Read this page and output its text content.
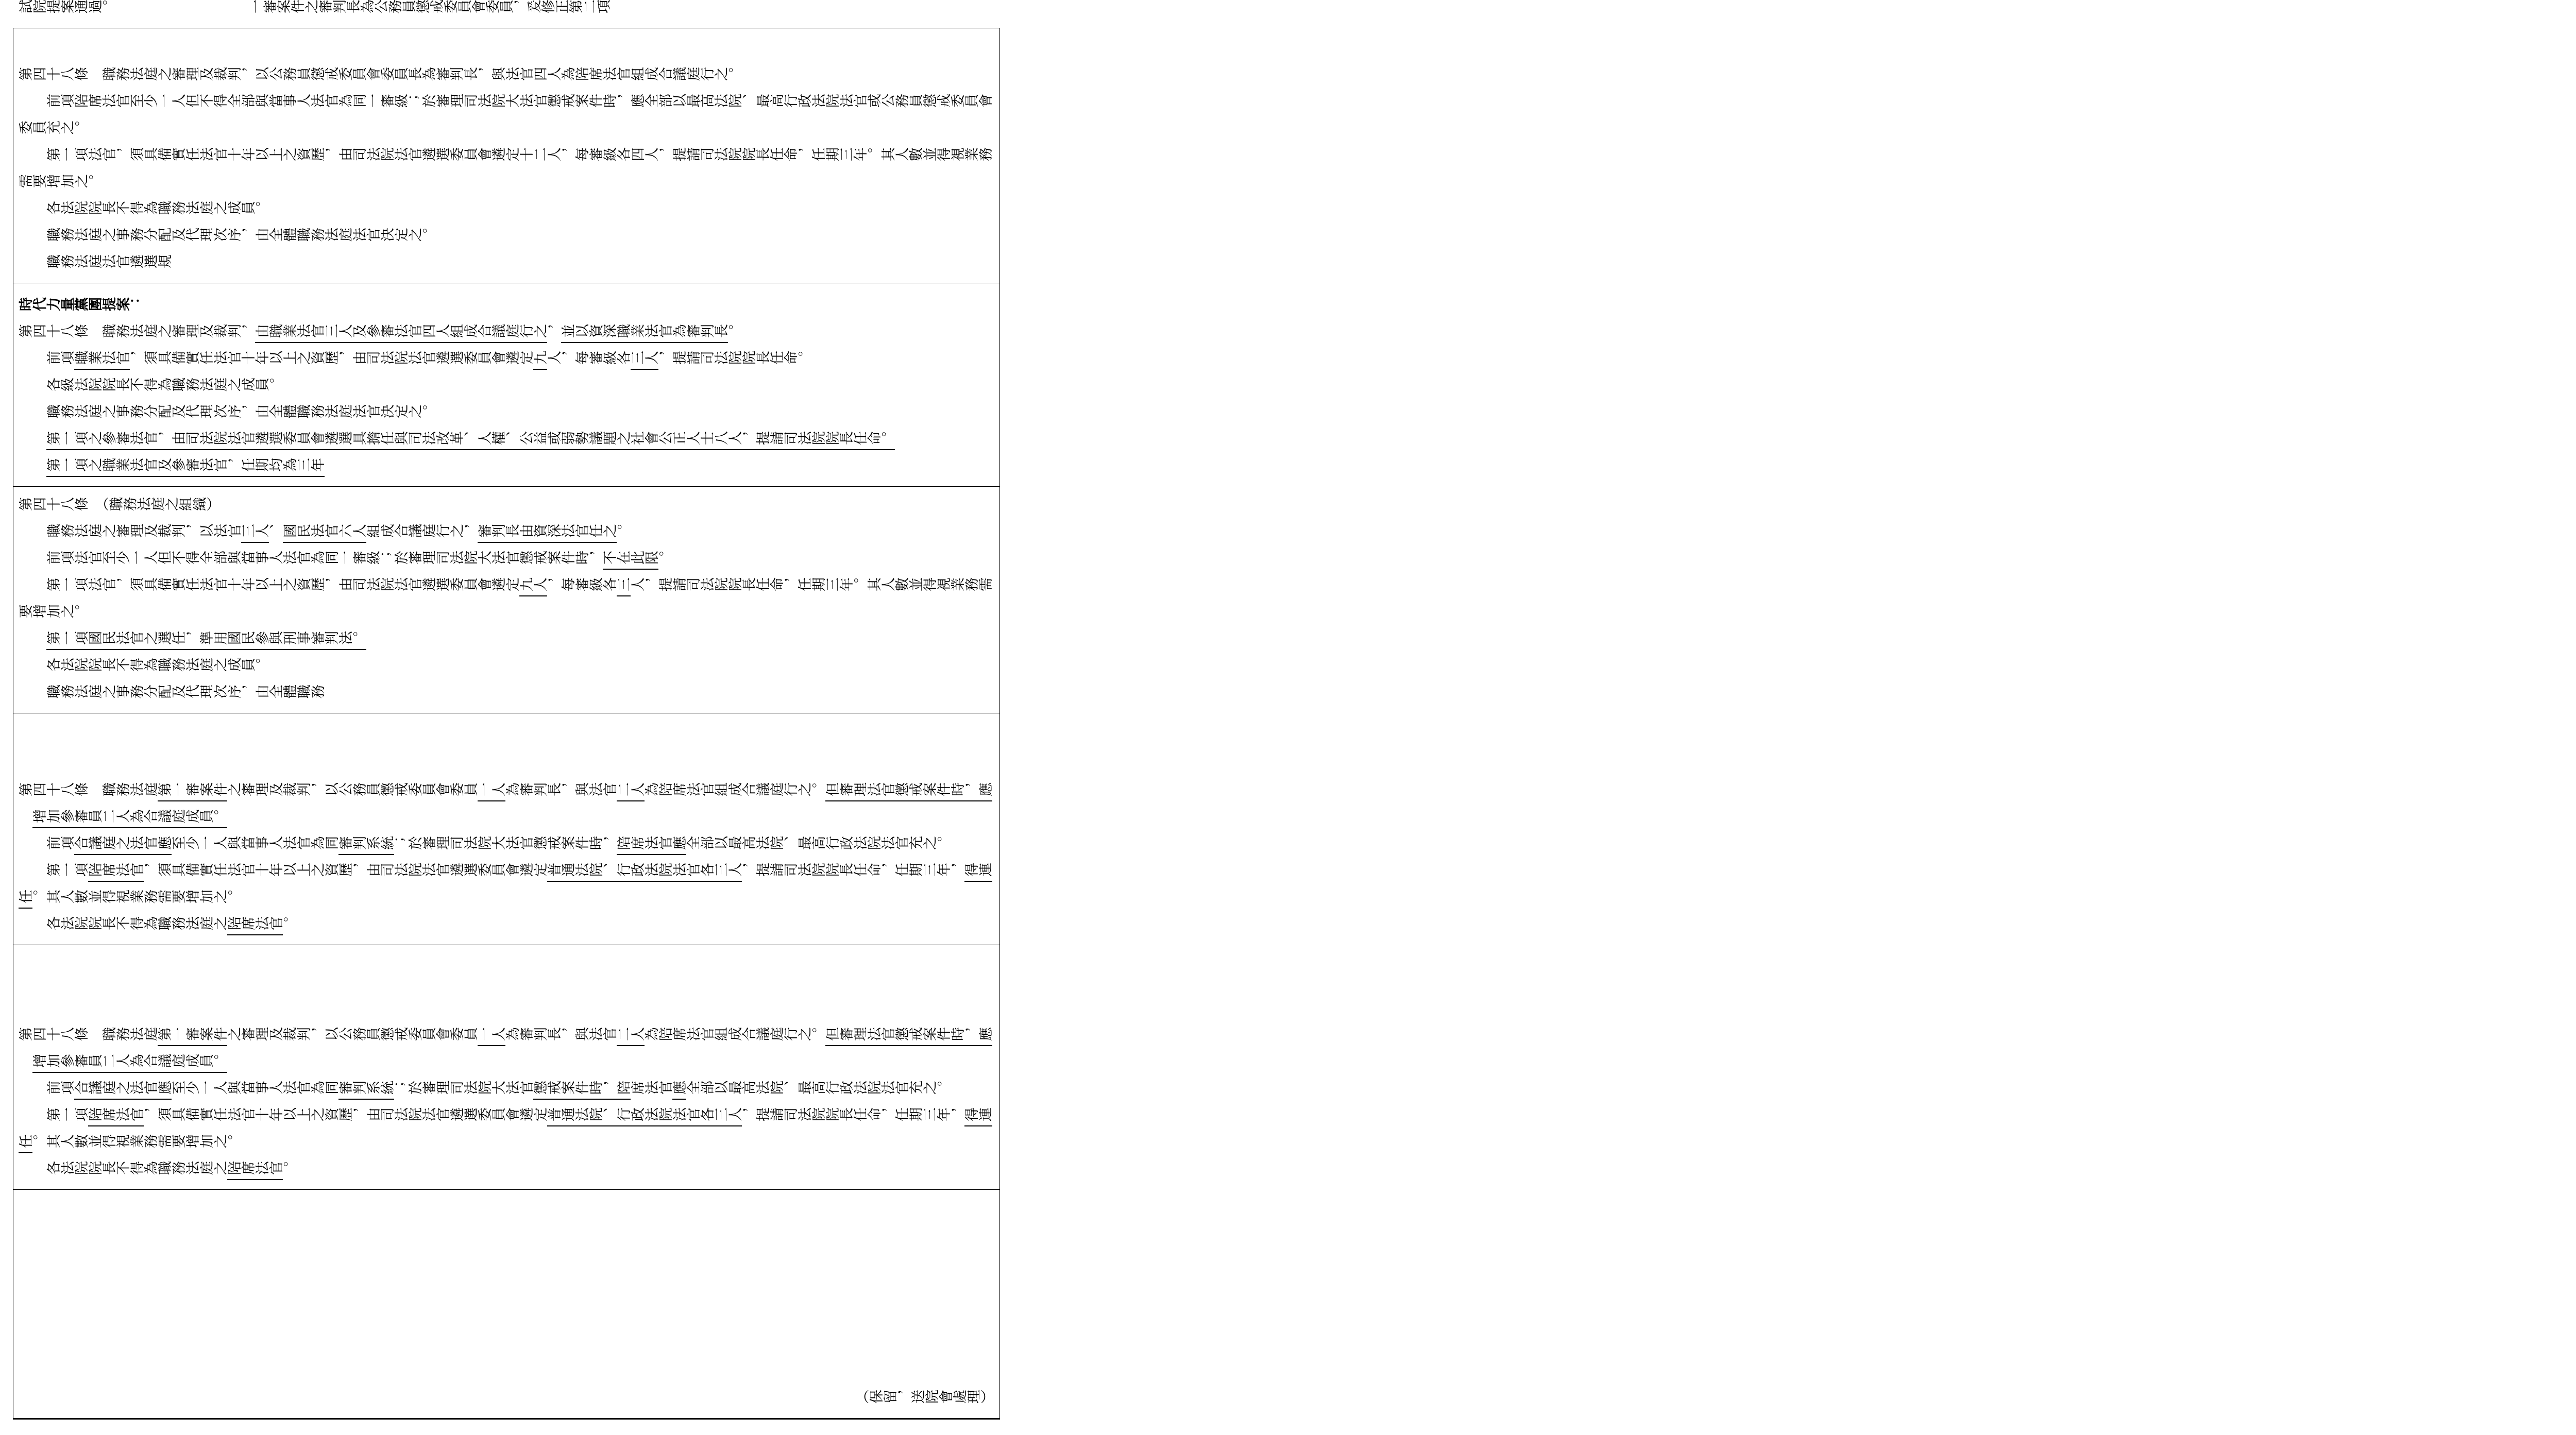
（保留，送院會處理）

第四十八條　職務法庭第一審案件之審理及裁判，以公務員懲戒委員會委員一人為審判長，與法官二人為陪席法官組成合議庭行之。但審理法官懲戒案件時，應增加參審員二人為合議庭成員。

前項合議庭之法官應至少一人與當事人法官為同審判系統；於審理司法院大法官懲戒案件時，陪席法官應全部以最高法院、最高行政法院法官充之。

第一項陪席法官，須具備實任法官十年以上之資歷，由司法院法官遴選委員會遴定普通法院、行政法院法官各三人，提請司法院院長任命，任期三年，得連任。其人數並得視業務需要增加之。

各法院院長不得為職務法庭之陪席法官。

第四十八條　職務法庭第一審案件之審理及裁判，以公務員懲戒委員會委員一人為審判長，與法官二人為陪席法官組成合議庭行之。但審理法官懲戒案件時，應增加參審員二人為合議庭成員。

前項合議庭之法官應至少一人與當事人法官為同審判系統；於審理司法院大法官懲戒案件時，陪席法官應全部以最高法院、最高行政法院法官充之。

第一項陪席法官，須具備實任法官十年以上之資歷，由司法院法官遴選委員會遴定普通法院、行政法院法官各三人，提請司法院院長任命，任期三年，得連任。其人數並得視業務需要增加之。

各法院院長不得為職務法庭之陪席法官。

第四十八條　（職務法庭之組織）

職務法庭之審理及裁判，以法官三人、國民法官六人組成合議庭行之，審判長由資深法官任之。

前項法官至少一人但不得全部與當事人法官為同一審級；於審理司法院大法官懲戒案件時，不在此限。

第一項法官，須具備實任法官十年以上之資歷，由司法院法官遴選委員會遴定九人，每審級各三人，提請司法院院長任命，任期三年。其人數並得視業務需要增加之。

第一項國民法官之選任，準用國民參與刑事審判法。

各法院院長不得為職務法庭之成員。

職務法庭之事務分配及代理次序，由全體職務

時代力量黨團提案：

第四十八條　職務法庭之審理及裁判，由職業法官三人及參審法官四人組成合議庭行之，並以資深職業法官為審判長。

前項職業法官，須具備實任法官十年以上之資歷，由司法院法官遴選委員會遴定九人，每審級各三人，提請司法院院長任命。

各級法院院長不得為職務法庭之成員。

職務法庭之事務分配及代理次序，由全體職務法庭法官決定之。

第一項之參審法官，由司法院法官遴選委員會遴選具擔任與司法改革、人權、公益或弱勢議題之社會公正人士八人，提請司法院院長任命。

第一項之職業法官及參審法官，任期均為三年

第四十八條　職務法庭之審理及裁判，以公務員懲戒委員會委員長為審判長，與法官四人為陪席法官組成合議庭行之。

前項陪席法官至少一人但不得全部與當事人法官為同一審級；於審理司法院大法官懲戒案件時，應全部以最高法院、最高行政法院法官或公務員懲戒委員會委員充之。

第一項法官，須具備實任法官十年以上之資歷，由司法院法官遴選委員會遴定十二人，每審級各四人，提請司法院院長任命，任期三年。其人數並得視業務需要增加之。

各法院院長不得為職務法庭之成員。

職務法庭之事務分配及代理次序，由全體職務法庭法官決定之。

職務法庭法官遴選規

試院提案通過。

一審案件之審判長為公務員懲戒委員會委員，爰修正第二項
